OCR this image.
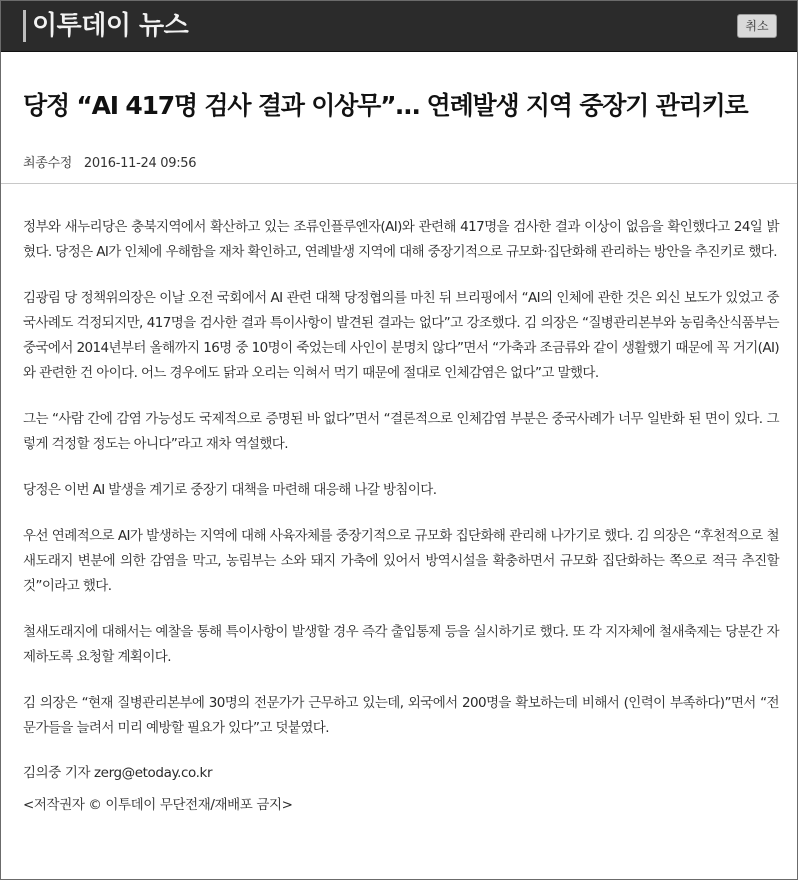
이투데이 뉴스	취소
당정 “AI 417명 검사 결과 이상무”… 연례발생 지역 중장기 관리키로
최종수정 2016-11-24 09:56

정부와 새누리당은 충북지역에서 확산하고 있는 조류인플루엔자(AI)와 관련해 417명을 검사한 결과 이상이 없음을 확인했다고 24일 밝혔다. 당정은 AI가 인체에 우해함을 재차 확인하고, 연례발생 지역에 대해 중장기적으로 규모화·집단화해 관리하는 방안을 추진키로 했다.

김광림 당 정책위의장은 이날 오전 국회에서 AI 관련 대책 당정협의를 마친 뒤 브리핑에서 “AI의 인체에 관한 것은 외신 보도가 있었고 중국사례도 걱정되지만, 417명을 검사한 결과 특이사항이 발견된 결과는 없다”고 강조했다. 김 의장은 “질병관리본부와 농림축산식품부는 중국에서 2014년부터 올해까지 16명 중 10명이 죽었는데 사인이 분명치 않다”면서 “가축과 조금류와 같이 생활했기 때문에 꼭 거기(AI)와 관련한 건 아이다. 어느 경우에도 닭과 오리는 익혀서 먹기 때문에 절대로 인체감염은 없다”고 말했다.

그는 “사람 간에 감염 가능성도 국제적으로 증명된 바 없다”면서 “결론적으로 인체감염 부분은 중국사례가 너무 일반화 된 면이 있다. 그렇게 걱정할 정도는 아니다”라고 재차 역설했다.

당정은 이번 AI 발생을 계기로 중장기 대책을 마련해 대응해 나갈 방침이다.

우선 연례적으로 AI가 발생하는 지역에 대해 사육자체를 중장기적으로 규모화 집단화해 관리해 나가기로 했다. 김 의장은 “후천적으로 철새도래지 변분에 의한 감염을 막고, 농림부는 소와 돼지 가축에 있어서 방역시설을 확충하면서 규모화 집단화하는 쪽으로 적극 추진할 것”이라고 했다.

철새도래지에 대해서는 예찰을 통해 특이사항이 발생할 경우 즉각 출입통제 등을 실시하기로 했다. 또 각 지자체에 철새축제는 당분간 자제하도록 요청할 계획이다.

김 의장은 “현재 질병관리본부에 30명의 전문가가 근무하고 있는데, 외국에서 200명을 확보하는데 비해서 (인력이 부족하다)”면서 “전문가들을 늘려서 미리 예방할 필요가 있다”고 덧붙였다.

김의중 기자 zerg@etoday.co.kr

<저작권자 © 이투데이 무단전재/재배포 금지>
